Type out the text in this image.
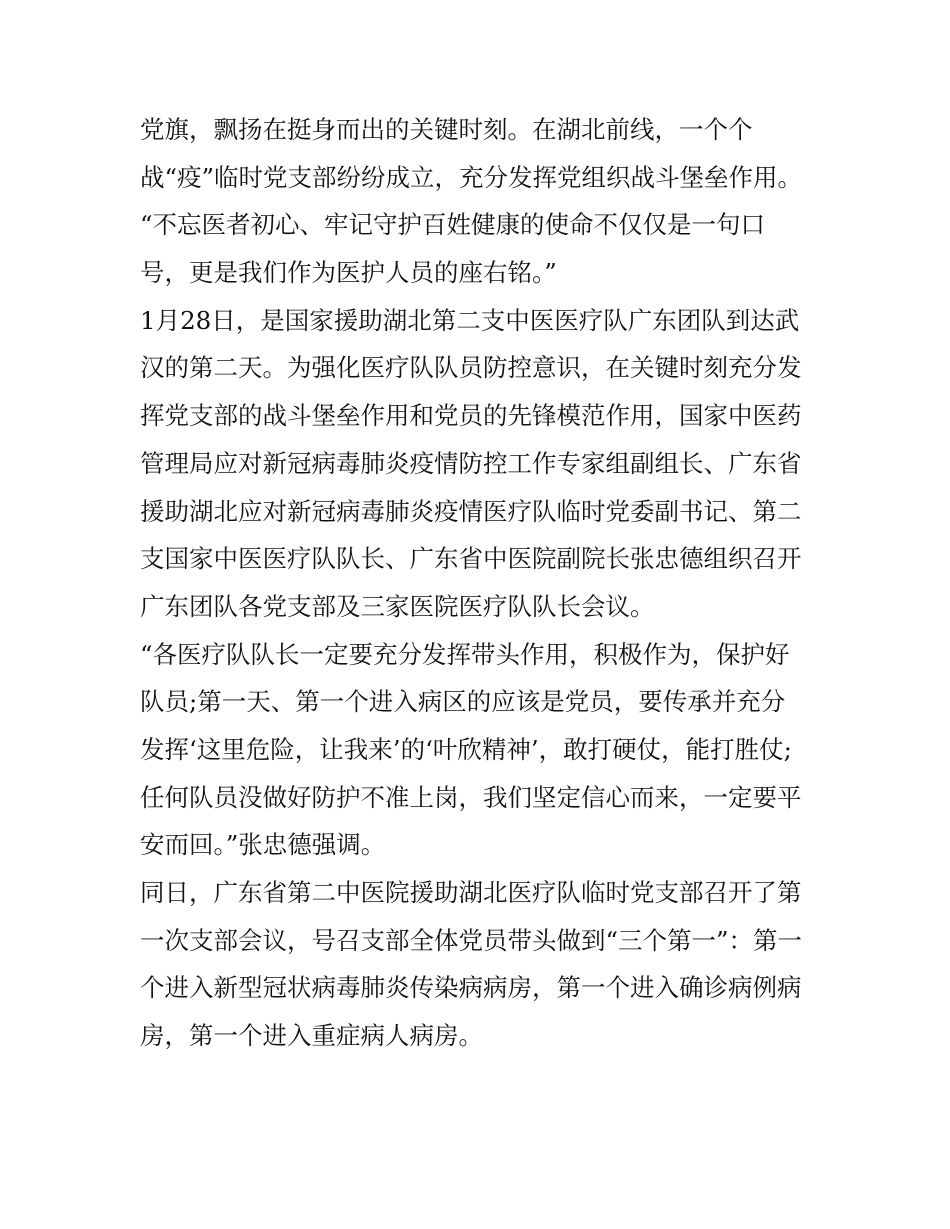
党旗，飘扬在挺身而出的关键时刻。在湖北前线，一个个
战“疫”临时党支部纷纷成立，充分发挥党组织战斗堡垒作用。
“不忘医者初心、牢记守护百姓健康的使命不仅仅是一句口
号，更是我们作为医护人员的座右铭。”
1月28日，是国家援助湖北第二支中医医疗队广东团队到达武
汉的第二天。为强化医疗队队员防控意识，在关键时刻充分发
挥党支部的战斗堡垒作用和党员的先锋模范作用，国家中医药
管理局应对新冠病毒肺炎疫情防控工作专家组副组长、广东省
援助湖北应对新冠病毒肺炎疫情医疗队临时党委副书记、第二
支国家中医医疗队队长、广东省中医院副院长张忠德组织召开
广东团队各党支部及三家医院医疗队队长会议。
“各医疗队队长一定要充分发挥带头作用，积极作为，保护好
队员;第一天、第一个进入病区的应该是党员，要传承并充分
发挥‘这里危险，让我来’的‘叶欣精神’，敢打硬仗，能打胜仗;
任何队员没做好防护不准上岗，我们坚定信心而来，一定要平
安而回。”张忠德强调。
同日，广东省第二中医院援助湖北医疗队临时党支部召开了第
一次支部会议，号召支部全体党员带头做到“三个第一”：第一
个进入新型冠状病毒肺炎传染病病房，第一个进入确诊病例病
房，第一个进入重症病人病房。
